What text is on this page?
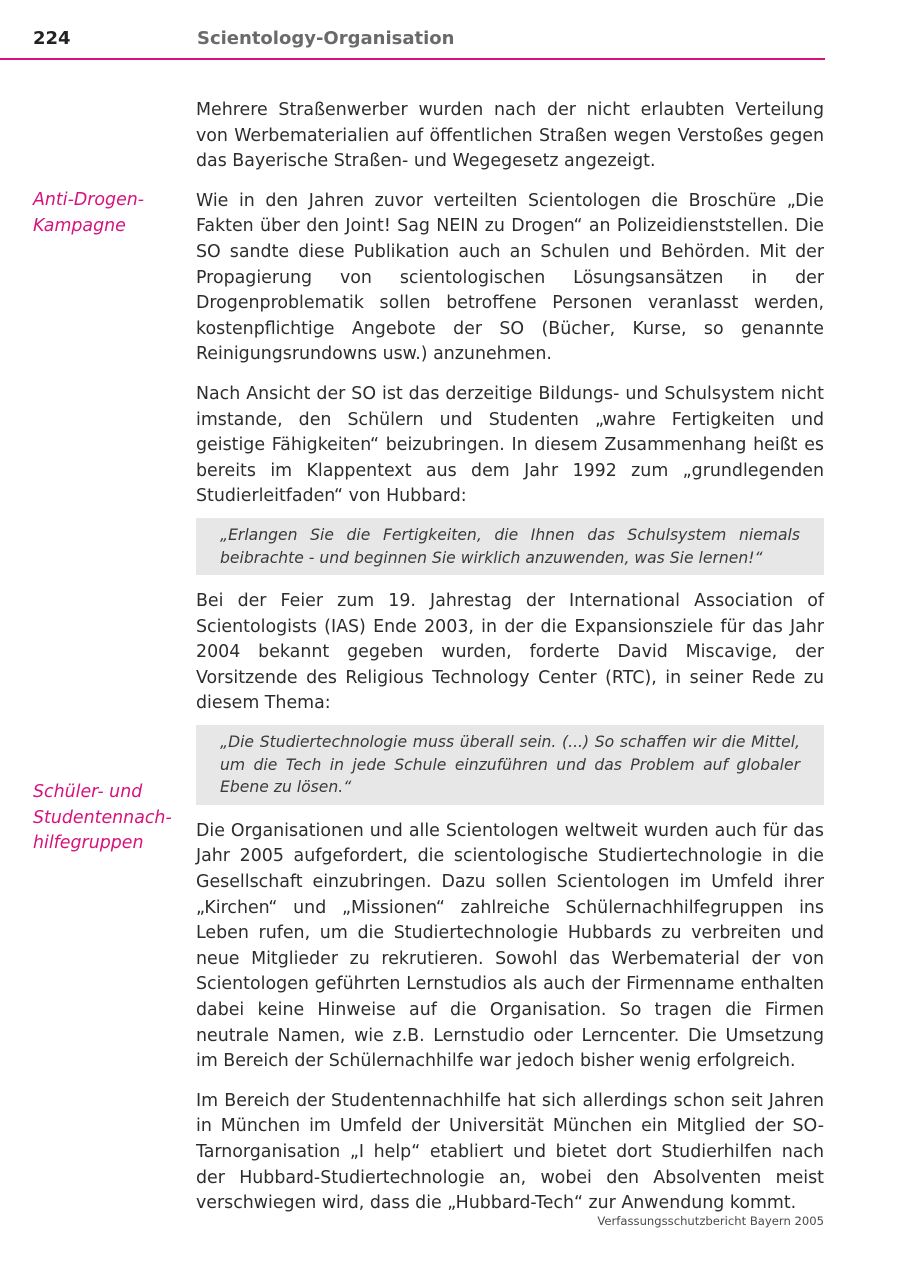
224	Scientology-Organisation
Anti-Drogen-
Kampagne
Schüler- und
Studentennach-
hilfegruppen

Mehrere Straßenwerber wurden nach der nicht erlaubten Verteilung von Werbematerialien auf öffentlichen Straßen wegen Verstoßes gegen das Bayerische Straßen- und Wegegesetz angezeigt.

Wie in den Jahren zuvor verteilten Scientologen die Broschüre „Die Fakten über den Joint! Sag NEIN zu Drogen“ an Polizeidienststellen. Die SO sandte diese Publikation auch an Schulen und Behörden. Mit der Propagierung von scientologischen Lösungsansätzen in der Drogenproblematik sollen betroffene Personen veranlasst werden, kostenpflichtige Angebote der SO (Bücher, Kurse, so genannte Reinigungsrundowns usw.) anzunehmen.

Nach Ansicht der SO ist das derzeitige Bildungs- und Schulsystem nicht imstande, den Schülern und Studenten „wahre Fertigkeiten und geistige Fähigkeiten“ beizubringen. In diesem Zusammenhang heißt es bereits im Klappentext aus dem Jahr 1992 zum „grundlegenden Studierleitfaden“ von Hubbard:

„Erlangen Sie die Fertigkeiten, die Ihnen das Schulsystem niemals beibrachte - und beginnen Sie wirklich anzuwenden, was Sie lernen!“

Bei der Feier zum 19. Jahrestag der International Association of Scientologists (IAS) Ende 2003, in der die Expansionsziele für das Jahr 2004 bekannt gegeben wurden, forderte David Miscavige, der Vorsitzende des Religious Technology Center (RTC), in seiner Rede zu diesem Thema:

„Die Studiertechnologie muss überall sein. (...) So schaffen wir die Mittel, um die Tech in jede Schule einzuführen und das Problem auf globaler Ebene zu lösen.“

Die Organisationen und alle Scientologen weltweit wurden auch für das Jahr 2005 aufgefordert, die scientologische Studiertechnologie in die Gesellschaft einzubringen. Dazu sollen Scientologen im Umfeld ihrer „Kirchen“ und „Missionen“ zahlreiche Schülernachhilfegruppen ins Leben rufen, um die Studiertechnologie Hubbards zu verbreiten und neue Mitglieder zu rekrutieren. Sowohl das Werbematerial der von Scientologen geführten Lernstudios als auch der Firmenname enthalten dabei keine Hinweise auf die Organisation. So tragen die Firmen neutrale Namen, wie z.B. Lernstudio oder Lerncenter. Die Umsetzung im Bereich der Schülernachhilfe war jedoch bisher wenig erfolgreich.

Im Bereich der Studentennachhilfe hat sich allerdings schon seit Jahren in München im Umfeld der Universität München ein Mitglied der SO-Tarnorganisation „I help“ etabliert und bietet dort Studierhilfen nach der Hubbard-Studiertechnologie an, wobei den Absolventen meist verschwiegen wird, dass die „Hubbard-Tech“ zur Anwendung kommt.

Verfassungsschutzbericht Bayern 2005
